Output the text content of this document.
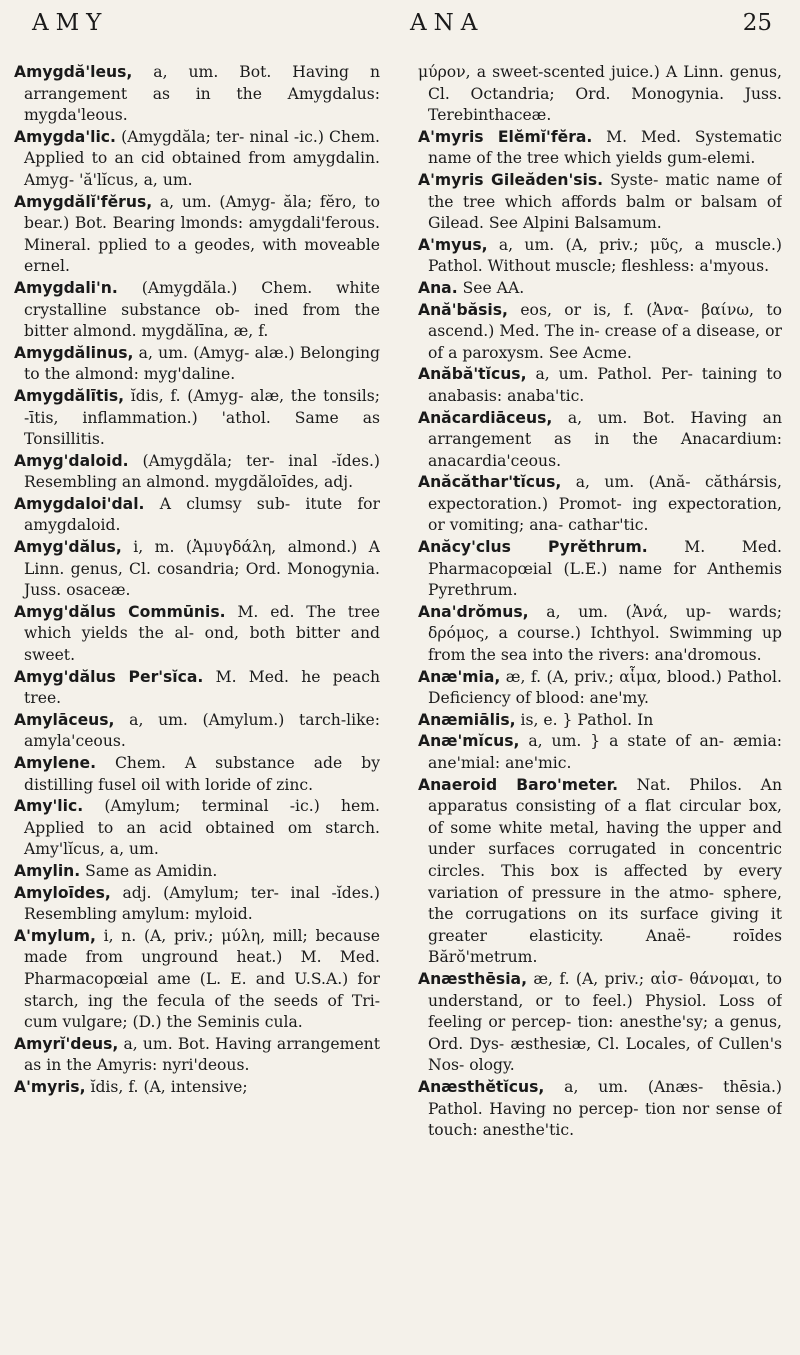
AMY	ANA	25

Amygdă'leus, a, um. Bot. Having n arrangement as in the Amygdalus: mygda'leous.

Amygda'lic. (Amygdăla; ter- ninal -ic.) Chem. Applied to an cid obtained from amygdalin. Amyg- 'ă'lĭcus, a, um.

Amygdălĭ'fĕrus, a, um. (Amyg- ăla; fĕro, to bear.) Bot. Bearing lmonds: amygdali'ferous. Mineral. pplied to a geodes, with moveable ernel.

Amygdali'n. (Amygdăla.) Chem. white crystalline substance ob- ined from the bitter almond. mygdălīna, æ, f.

Amygdălinus, a, um. (Amyg- alæ.) Belonging to the almond: myg'daline.

Amygdălītis, ĭdis, f. (Amyg- alæ, the tonsils; -ītis, inflammation.) 'athol. Same as Tonsillitis.

Amyg'daloid. (Amygdăla; ter- inal -ĭdes.) Resembling an almond. mygdăloīdes, adj.

Amygdaloi'dal. A clumsy sub- itute for amygdaloid.

Amyg'dălus, i, m. (Ἀμυγδάλη, almond.) A Linn. genus, Cl. cosandria; Ord. Monogynia. Juss. osaceæ.

Amyg'dălus Commūnis. M. ed. The tree which yields the al- ond, both bitter and sweet.

Amyg'dălus Per'sĭca. M. Med. he peach tree.

Amylāceus, a, um. (Amylum.) tarch-like: amyla'ceous.

Amylene. Chem. A substance ade by distilling fusel oil with loride of zinc.

Amy'lic. (Amylum; terminal -ic.) hem. Applied to an acid obtained om starch. Amy'lĭcus, a, um.

Amylin. Same as Amidin.

Amyloīdes, adj. (Amylum; ter- inal -ĭdes.) Resembling amylum: myloid.

A'mylum, i, n. (A, priv.; μύλη, mill; because made from unground heat.) M. Med. Pharmacopœial ame (L. E. and U.S.A.) for starch, ing the fecula of the seeds of Tri- cum vulgare; (D.) the Seminis cula.

Amyrĭ'deus, a, um. Bot. Having arrangement as in the Amyris: nyri'deous.

A'myris, ĭdis, f. (A, intensive;

μύρον, a sweet-scented juice.) A Linn. genus, Cl. Octandria; Ord. Monogynia. Juss. Terebinthaceæ.

A'myris Elĕmĭ'fĕra. M. Med. Systematic name of the tree which yields gum-elemi.

A'myris Gileăden'sis. Syste- matic name of the tree which affords balm or balsam of Gilead. See Alpini Balsamum.

A'myus, a, um. (A, priv.; μῦς, a muscle.) Pathol. Without muscle; fleshless: a'myous.

Ana. See AA.

Ană'băsis, eos, or is, f. (Ἀνα- βαίνω, to ascend.) Med. The in- crease of a disease, or of a paroxysm. See Acme.

Anăbă'tĭcus, a, um. Pathol. Per- taining to anabasis: anaba'tic.

Anăcardiāceus, a, um. Bot. Having an arrangement as in the Anacardium: anacardia'ceous.

Anăcăthar'tĭcus, a, um. (Ană- căthársis, expectoration.) Promot- ing expectoration, or vomiting; ana- cathar'tic.

Anăcy'clus Pyrĕthrum. M. Med. Pharmacopœial (L.E.) name for Anthemis Pyrethrum.

Ana'drŏmus, a, um. (Ἀνά, up- wards; δρόμος, a course.) Ichthyol. Swimming up from the sea into the rivers: ana'dromous.

Anæ'mia, æ, f. (A, priv.; αἷμα, blood.) Pathol. Deficiency of blood: ane'my.

Anæmiālis, is, e. } Pathol. In

Anæ'mĭcus, a, um. } a state of an- æmia: ane'mial: ane'mic.

Anaeroid Baro'meter. Nat. Philos. An apparatus consisting of a flat circular box, of some white metal, having the upper and under surfaces corrugated in concentric circles. This box is affected by every variation of pressure in the atmo- sphere, the corrugations on its surface giving it greater elasticity. Anaë- roīdes Bărŏ'metrum.

Anæsthēsia, æ, f. (A, priv.; αἰσ- θάνομαι, to understand, or to feel.) Physiol. Loss of feeling or percep- tion: anesthe'sy; a genus, Ord. Dys- æsthesiæ, Cl. Locales, of Cullen's Nos- ology.

Anæsthĕtĭcus, a, um. (Anæs- thēsia.) Pathol. Having no percep- tion nor sense of touch: anesthe'tic.
